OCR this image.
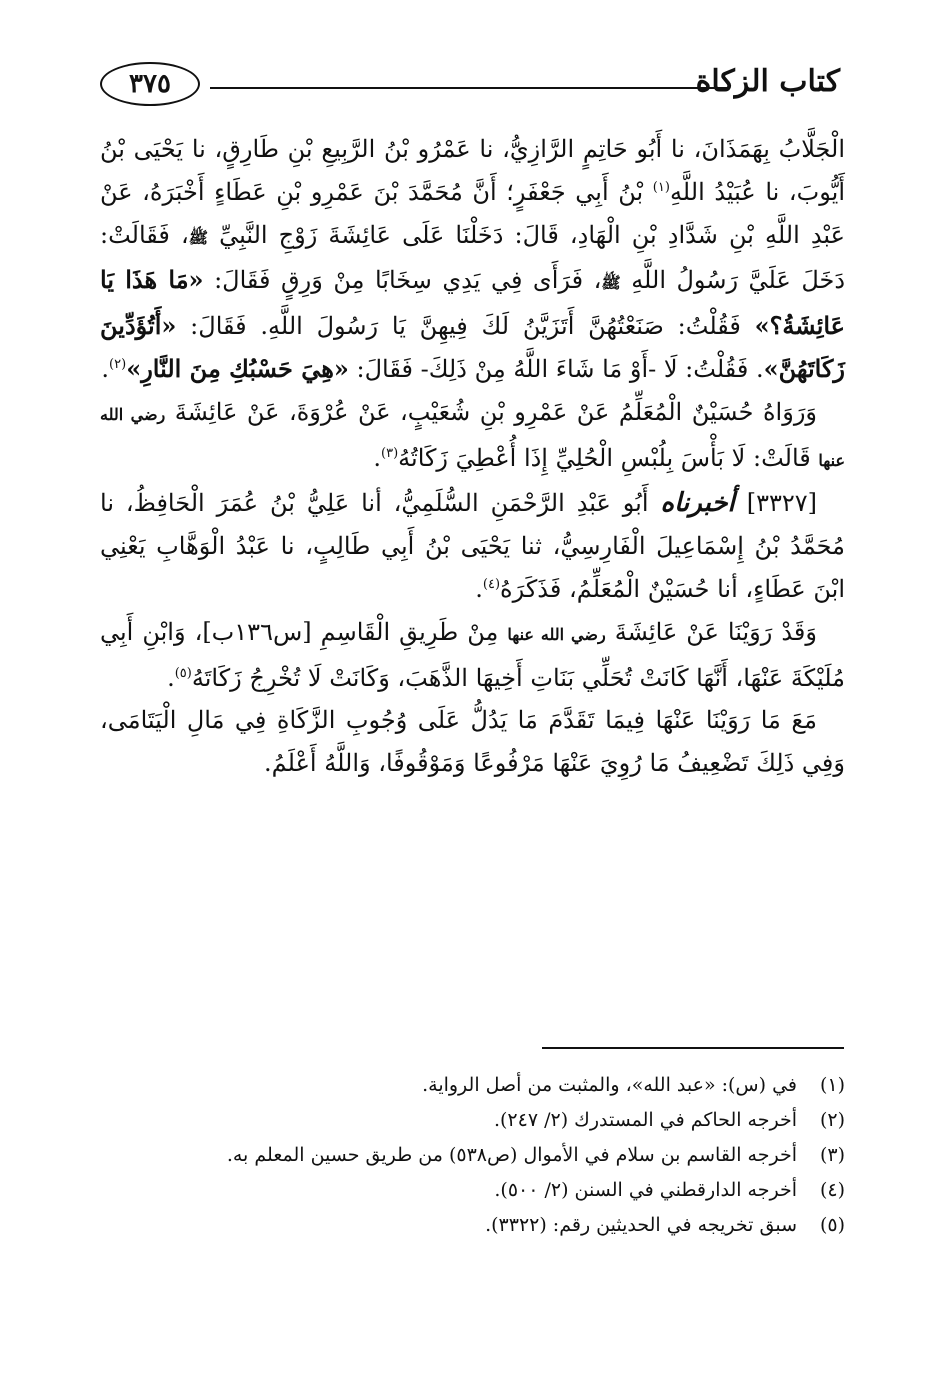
كتاب الزكاة
٣٧٥

الْجَلَّابُ بِهَمَذَانَ، نا أَبُو حَاتِمٍ الرَّازِيُّ، نا عَمْرُو بْنُ الرَّبِيعِ بْنِ طَارِقٍ، نا يَحْيَى بْنُ أَيُّوبَ، نا عُبَيْدُ اللَّهِ$^{(١)}$ بْنُ أَبِي جَعْفَرٍ؛ أَنَّ مُحَمَّدَ بْنَ عَمْرِو بْنِ عَطَاءٍ أَخْبَرَهُ، عَنْ عَبْدِ اللَّهِ بْنِ شَدَّادِ بْنِ الْهَادِ، قَالَ: دَخَلْنَا عَلَى عَائِشَةَ زَوْجِ النَّبِيِّ ﷺ، فَقَالَتْ: دَخَلَ عَلَيَّ رَسُولُ اللَّهِ ﷺ، فَرَأَى فِي يَدِي سِخَابًا مِنْ وَرِقٍ فَقَالَ: «مَا هَذَا يَا عَائِشَةُ؟» فَقُلْتُ: صَنَعْتُهُنَّ أَتَزَيَّنُ لَكَ فِيهِنَّ يَا رَسُولَ اللَّهِ. فَقَالَ: «أَتُؤَدِّينَ زَكَاتَهُنَّ». فَقُلْتُ: لَا -أَوْ مَا شَاءَ اللَّهُ مِنْ ذَلِكَ- فَقَالَ: «هِيَ حَسْبُكِ مِنَ النَّارِ»$^{(٢)}$.

وَرَوَاهُ حُسَيْنٌ الْمُعَلِّمُ عَنْ عَمْرِو بْنِ شُعَيْبٍ، عَنْ عُرْوَةَ، عَنْ عَائِشَةَ رضي الله عنها قَالَتْ: لَا بَأْسَ بِلُبْسِ الْحُلِيِّ إِذَا أُعْطِيَ زَكَاتُهُ$^{(٣)}$.

[٣٣٢٧] أخبرناه أَبُو عَبْدِ الرَّحْمَنِ السُّلَمِيُّ، أنا عَلِيُّ بْنُ عُمَرَ الْحَافِظُ، نا مُحَمَّدُ بْنُ إِسْمَاعِيلَ الْفَارِسِيُّ، ثنا يَحْيَى بْنُ أَبِي طَالِبٍ، نا عَبْدُ الْوَهَّابِ يَعْنِي ابْنَ عَطَاءٍ، أنا حُسَيْنٌ الْمُعَلِّمُ، فَذَكَرَهُ$^{(٤)}$.

وَقَدْ رَوَيْنَا عَنْ عَائِشَةَ رضي الله عنها مِنْ طَرِيقِ الْقَاسِمِ [س١٣٦ب]، وَابْنِ أَبِي مُلَيْكَةَ عَنْهَا، أَنَّهَا كَانَتْ تُحَلِّي بَنَاتِ أَخِيهَا الذَّهَبَ، وَكَانَتْ لَا تُخْرِجُ زَكَاتَهُ$^{(٥)}$.

مَعَ مَا رَوَيْنَا عَنْهَا فِيمَا تَقَدَّمَ مَا يَدُلُّ عَلَى وُجُوبِ الزَّكَاةِ فِي مَالِ الْيَتَامَى، وَفِي ذَلِكَ تَضْعِيفُ مَا رُوِيَ عَنْهَا مَرْفُوعًا وَمَوْقُوفًا، وَاللَّهُ أَعْلَمُ.

(١)
في (س): «عبد الله»، والمثبت من أصل الرواية.
(٢)
أخرجه الحاكم في المستدرك (٢/ ٢٤٧).
(٣)
أخرجه القاسم بن سلام في الأموال (ص٥٣٨) من طريق حسين المعلم به.
(٤)
أخرجه الدارقطني في السنن (٢/ ٥٠٠).
(٥)
سبق تخريجه في الحديثين رقم: (٣٣٢٢).
